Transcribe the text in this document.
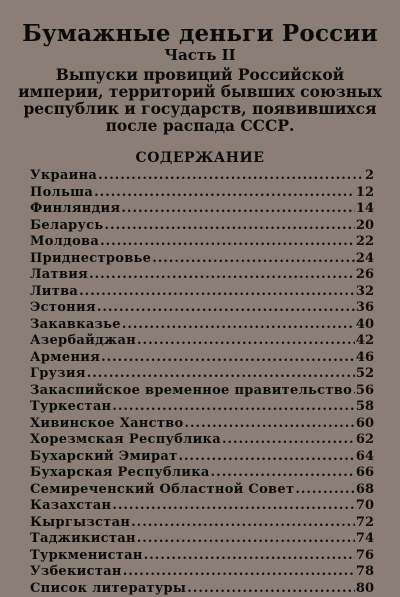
Бумажные деньги России
Часть II
Выпуски провиций Российской империи, территорий бывших союзных республик и государств, появившихся после распада СССР.
СОДЕРЖАНИЕ
Украина .....	2
Польша .....	12
Финляндия .....	14
Беларусь .....	20
Молдова .....	22
Приднестровье .....	24
Латвия .....	26
Литва .....	32
Эстония .....	36
Закавказье .....	40
Азербайджан .....	42
Армения .....	46
Грузия .....	52
Закаспийское временное правительство ..... 56
Туркестан .....	58
Хивинское Ханство .....	60
Хорезмская Республика .....	62
Бухарский Эмират .....	64
Бухарская Республика .....	66
Семиреченский Областной Совет .....	68
Казахстан .....	70
Кыргызстан .....	72
Таджикистан .....	74
Туркменистан .....	76
Узбекистан .....	78
Список литературы .....	80
